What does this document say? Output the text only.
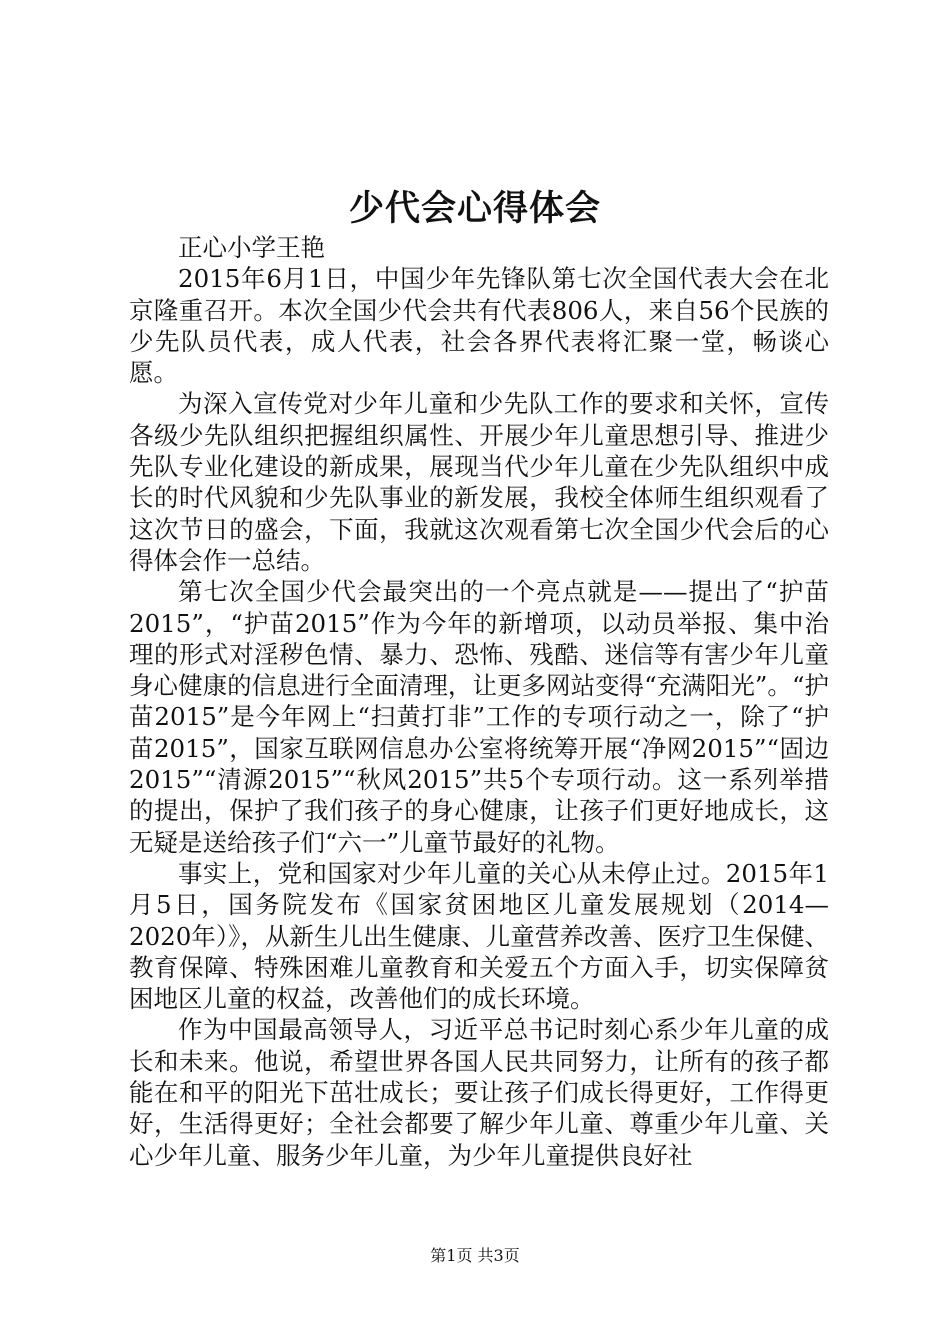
少代会心得体会

正心小学王艳

2015年6月1日，中国少年先锋队第七次全国代表大会在北京隆重召开。本次全国少代会共有代表806人，来自56个民族的少先队员代表，成人代表，社会各界代表将汇聚一堂，畅谈心愿。

为深入宣传党对少年儿童和少先队工作的要求和关怀，宣传各级少先队组织把握组织属性、开展少年儿童思想引导、推进少先队专业化建设的新成果，展现当代少年儿童在少先队组织中成长的时代风貌和少先队事业的新发展，我校全体师生组织观看了这次节日的盛会，下面，我就这次观看第七次全国少代会后的心得体会作一总结。

第七次全国少代会最突出的一个亮点就是——提出了“护苗2015”，“护苗2015”作为今年的新增项，以动员举报、集中治理的形式对淫秽色情、暴力、恐怖、残酷、迷信等有害少年儿童身心健康的信息进行全面清理，让更多网站变得“充满阳光”。“护苗2015”是今年网上“扫黄打非”工作的专项行动之一，除了“护苗2015”，国家互联网信息办公室将统筹开展“净网2015”“固边2015”“清源2015”“秋风2015”共5个专项行动。这一系列举措的提出，保护了我们孩子的身心健康，让孩子们更好地成长，这无疑是送给孩子们“六一”儿童节最好的礼物。

事实上，党和国家对少年儿童的关心从未停止过。2015年1月5日，国务院发布《国家贫困地区儿童发展规划（2014—2020年）》，从新生儿出生健康、儿童营养改善、医疗卫生保健、教育保障、特殊困难儿童教育和关爱五个方面入手，切实保障贫困地区儿童的权益，改善他们的成长环境。

作为中国最高领导人，习近平总书记时刻心系少年儿童的成长和未来。他说，希望世界各国人民共同努力，让所有的孩子都能在和平的阳光下茁壮成长；要让孩子们成长得更好，工作得更好，生活得更好；全社会都要了解少年儿童、尊重少年儿童、关心少年儿童、服务少年儿童，为少年儿童提供良好社

第1页 共3页
